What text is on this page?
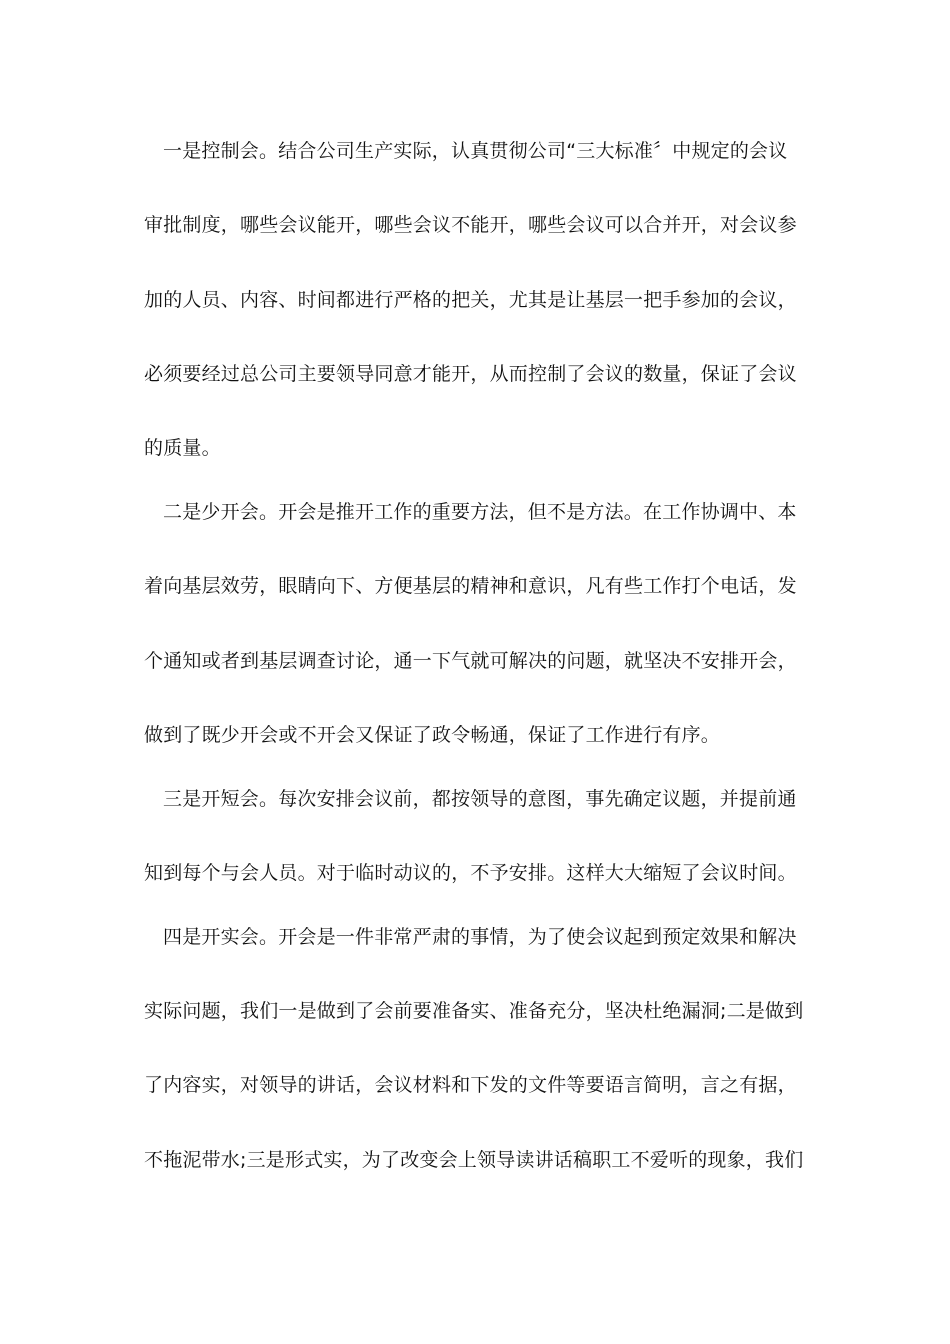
一是控制会。结合公司生产实际，认真贯彻公司“三大标准〞中规定的会议
审批制度，哪些会议能开，哪些会议不能开，哪些会议可以合并开，对会议参
加的人员、内容、时间都进行严格的把关，尤其是让基层一把手参加的会议，
必须要经过总公司主要领导同意才能开，从而控制了会议的数量，保证了会议
的质量。
二是少开会。开会是推开工作的重要方法，但不是方法。在工作协调中、本
着向基层效劳，眼睛向下、方便基层的精神和意识，凡有些工作打个电话，发
个通知或者到基层调查讨论，通一下气就可解决的问题，就坚决不安排开会，
做到了既少开会或不开会又保证了政令畅通，保证了工作进行有序。
三是开短会。每次安排会议前，都按领导的意图，事先确定议题，并提前通
知到每个与会人员。对于临时动议的，不予安排。这样大大缩短了会议时间。
四是开实会。开会是一件非常严肃的事情，为了使会议起到预定效果和解决
实际问题，我们一是做到了会前要准备实、准备充分，坚决杜绝漏洞;二是做到
了内容实，对领导的讲话，会议材料和下发的文件等要语言简明，言之有据，
不拖泥带水;三是形式实，为了改变会上领导读讲话稿职工不爱听的现象，我们
